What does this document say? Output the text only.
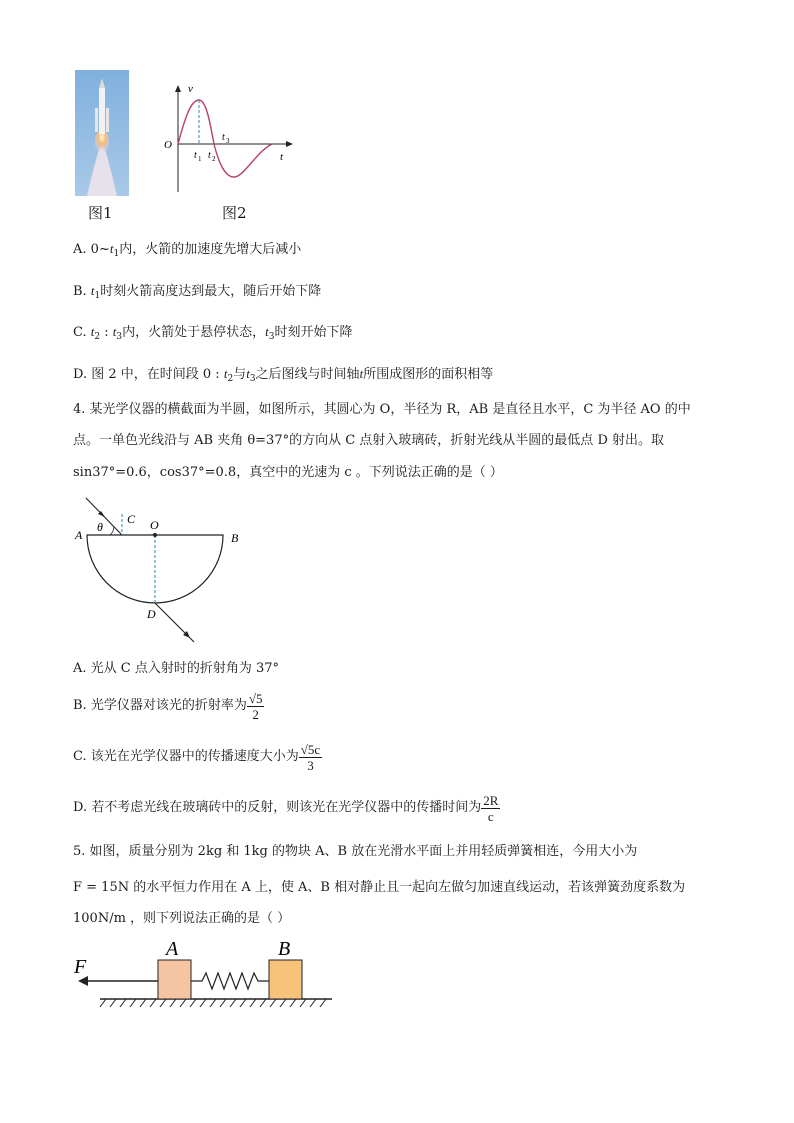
图1
v
O
t
t 1 t 2
t 3
图2
A. $0\sim t_1$内，火箭的加速度先增大后减小
B. $t_1$时刻火箭高度达到最大，随后开始下降
C. $t_2$ : $t_3$内，火箭处于悬停状态，$t_3$时刻开始下降
D. 图 2 中，在时间段 0 : $t_2$与$t_3$之后图线与时间轴t所围成图形的面积相等
4. 某光学仪器的横截面为半圆，如图所示，其圆心为 O，半径为 R，AB 是直径且水平，C 为半径 AO 的中
点。一单色光线沿与 AB 夹角 θ=37°的方向从 C 点射入玻璃砖，折射光线从半圆的最低点 D 射出。取
sin37°=0.6，cos37°=0.8，真空中的光速为 c 。下列说法正确的是（ ）
θ
C O
A	B
D
A. 光从 C 点入射时的折射角为 37°
B. 光学仪器对该光的折射率为 $\frac{√5}{2}$
C. 该光在光学仪器中的传播速度大小为 $\frac{√5c}{3}$
D. 若不考虑光线在玻璃砖中的反射，则该光在光学仪器中的传播时间为 $\frac{2R}{c}$
5. 如图，质量分别为 2kg 和 1kg 的物块 A、B 放在光滑水平面上并用轻质弹簧相连，今用大小为
F = 15N 的水平恒力作用在 A 上，使 A、B 相对静止且一起向左做匀加速直线运动，若该弹簧劲度系数为
100N/m ，则下列说法正确的是（ ）
F
A	B
